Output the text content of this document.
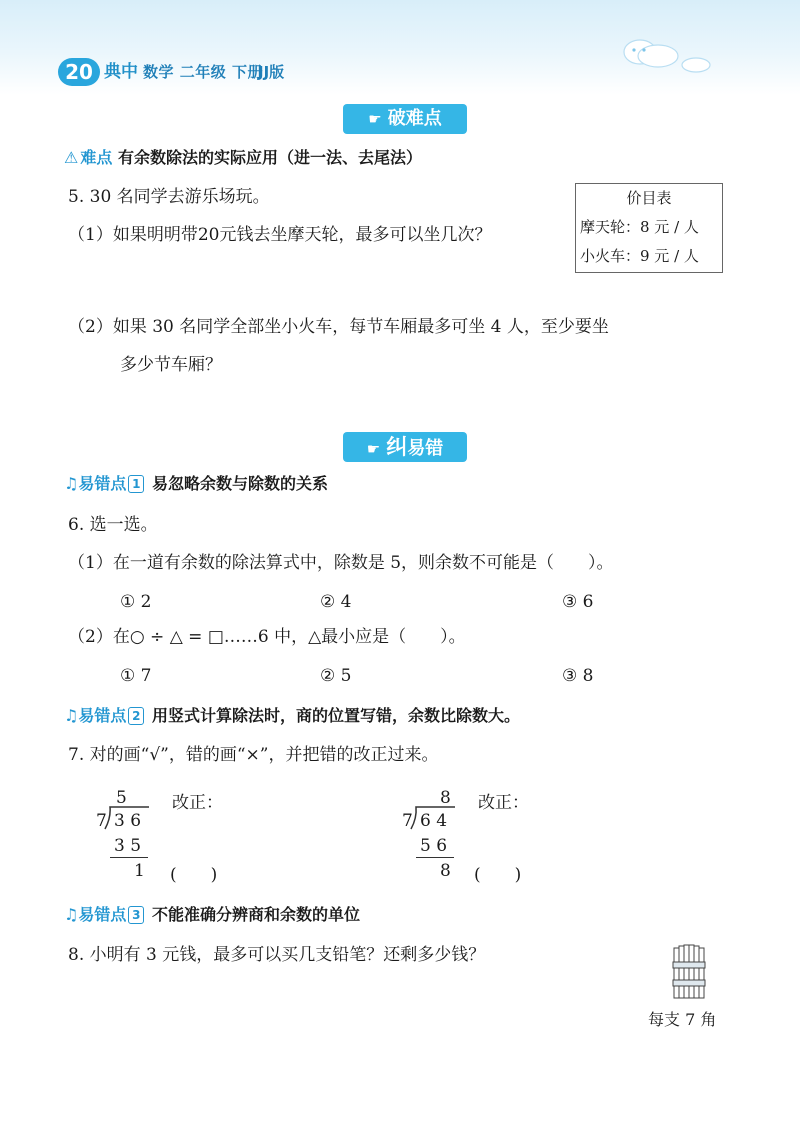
20 典中 数学 二年级 下册
JJ版
☛ 破难点
⚠ 难点 有余数除法的实际应用（进一法、去尾法）
5. 30 名同学去游乐场玩。
（1）如果明明带20元钱去坐摩天轮，最多可以坐几次？
价目表
摩天轮：8 元 / 人
小火车：9 元 / 人
（2）如果 30 名同学全部坐小火车，每节车厢最多可坐 4 人，至少要坐
多少节车厢？
☛ 纠易错
♫易错点 1 易忽略余数与除数的关系
6. 选一选。
（1）在一道有余数的除法算式中，除数是 5，则余数不可能是（　　）。
① 2	② 4	③ 6
（2）在○ ÷ △ = □……6 中，△最小应是（　　）。
① 7	② 5	③ 8
♫易错点 2 用竖式计算除法时，商的位置写错，余数比除数大。
7. 对的画“√”，错的画“×”，并把错的改正过来。
5
7 3 6
3 5
1
改正：
(　　)
8
7 6 4
5 6
8
改正：
(　　)
♫易错点 3 不能准确分辨商和余数的单位
8. 小明有 3 元钱，最多可以买几支铅笔？还剩多少钱？
每支 7 角
